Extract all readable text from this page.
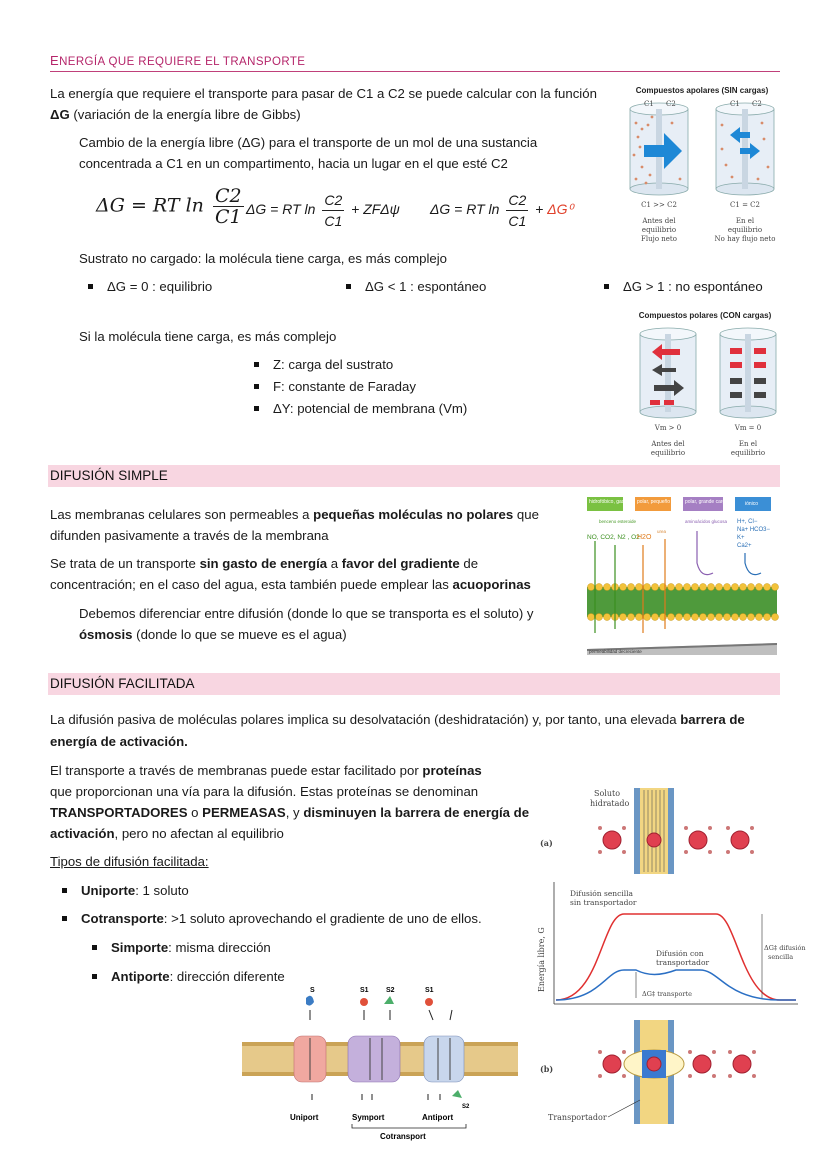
ENERGÍA QUE REQUIERE EL TRANSPORTE

La energía que requiere el transporte para pasar de C1 a C2 se puede calcular con la función

ΔG (variación de la energía libre de Gibbs)

Cambio de la energía libre (ΔG) para el transporte de un mol de una sustancia

concentrada a C1 en un compartimento, hacia un lugar en el que esté C2

ΔG = RT $\ln \frac{C2}{C1}$ ΔG = RT $\ln \frac{C2}{C1} + ZF\Delta\psi$ ΔG = RT $\ln \frac{C2}{C1} + \Delta G^0$

Sustrato no cargado: la molécula tiene carga, es más complejo

ΔG = 0 : equilibrio	ΔG < 1 : espontáneo	ΔG > 1 : no espontáneo

Si la molécula tiene carga, es más complejo

Z: carga del sustrato
F: constante de Faraday
ΔY: potencial de membrana (Vm)
Compuestos apolares (SIN cargas)
C1 C2	C1 C2
C1 >> C2	C1 = C2
Antes del
equilibrio
Flujo neto
En el
equilibrio
No hay flujo neto
Compuestos polares (CON cargas)
Vm > 0	Vm = 0
Antes del
equilibrio
En el
equilibrio
DIFUSIÓN SIMPLE

Las membranas celulares son permeables a pequeñas moléculas no polares que

difunden pasivamente a través de la membrana

Se trata de un transporte sin gasto de energía a favor del gradiente de

concentración; en el caso del agua, esta también puede emplear las acuoporinas

Debemos diferenciar entre difusión (donde lo que se transporta es el soluto) y

ósmosis (donde lo que se mueve es el agua)

hidrofóbico, gas	polar, pequeño	polar, grande cargado iónico
benceno esteroide
NO, CO2, N2 , O2
H2O
urea
aminoácidos glucosa H+, Cl−
Na+ HCO3−
K+
Ca2+
permeabilidad decreciente
DIFUSIÓN FACILITADA

La difusión pasiva de moléculas polares implica su desolvatación (deshidratación) y, por tanto, una elevada barrera de

energía de activación.

El transporte a través de membranas puede estar facilitado por proteínas

que proporcionan una vía para la difusión. Estas proteínas se denominan

TRANSPORTADORES o PERMEASAS, y disminuyen la barrera de energía de

activación, pero no afectan al equilibrio

Tipos de difusión facilitada:

Uniporte: 1 soluto
Cotransporte: >1 soluto aprovechando el gradiente de uno de ellos.
Simporte: misma dirección
Antiporte: dirección diferente
S	S1 S2	S1
S2
Uniport	Symport	Antiport
Cotransport
Soluto
hidratado
(a)
Energía libre, G
Difusión sencilla
sin transportador
Difusión con
transportador
ΔG‡ transporte
ΔG‡ difusión
sencilla
(b)
Transportador
